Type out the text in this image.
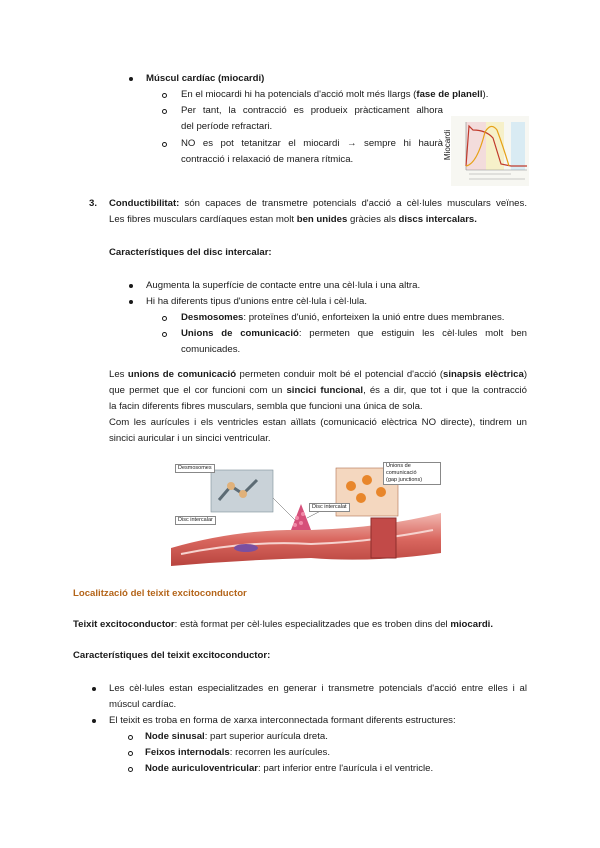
Múscul cardíac (miocardi)
En el miocardi hi ha potencials d'acció molt més llargs (fase de planell).
Per tant, la contracció es produeix pràcticament alhora
del període refractari.
NO es pot tetanitzar el miocardi → sempre hi haurà
contracció i relaxació de manera rítmica.	Miocardi
3. Conductibilitat: són capaces de transmetre potencials d'acció a cèl·lules musculars veïnes.
Les fibres musculars cardíaques estan molt ben unides gràcies als discs intercalars.
Característiques del disc intercalar:
Augmenta la superfície de contacte entre una cèl·lula i una altra.
Hi ha diferents tipus d'unions entre cèl·lula i cèl·lula.
Desmosomes: proteïnes d'unió, enforteixen la unió entre dues membranes.
Unions de comunicació: permeten que estiguin les cèl·lules molt ben
comunicades.
Les unions de comunicació permeten conduir molt bé el potencial d'acció (sinapsis elèctrica)
que permet que el cor funcioni com un sincici funcional, és a dir, que tot i que la contracció
la facin diferents fibres musculars, sembla que funcioni una única de sola.
Com les aurícules i els ventricles estan aïllats (comunicació elèctrica NO directe), tindrem un
sincici auricular i un sincici ventricular.
Desmosomes
Disc intercalar
Disc intercalat
Unions de comunicació
(gap junctions)
Localització del teixit excitoconductor
Teixit excitoconductor: està format per cèl·lules especialitzades que es troben dins del miocardi.
Característiques del teixit excitoconductor:
Les cèl·lules estan especialitzades en generar i transmetre potencials d'acció entre elles i al
múscul cardíac.
El teixit es troba en forma de xarxa interconnectada formant diferents estructures:
Node sinusal: part superior aurícula dreta.
Feixos internodals: recorren les aurícules.
Node auriculoventricular: part inferior entre l'aurícula i el ventricle.
